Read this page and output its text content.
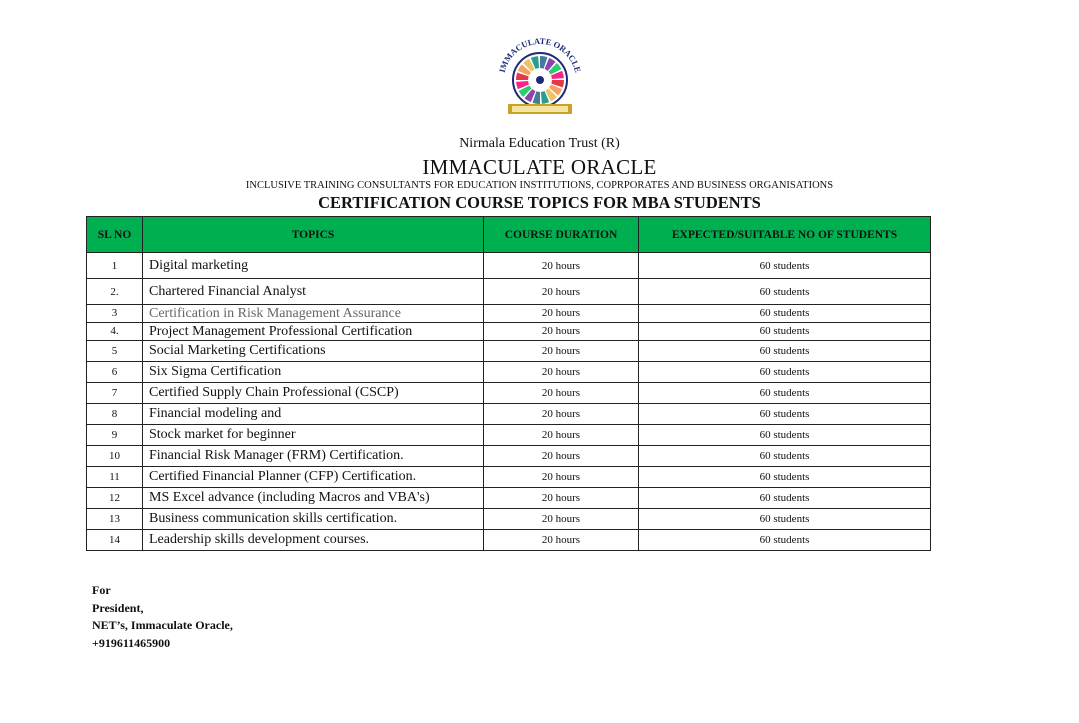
IMMACULATE ORACLE
Nirmala Education Trust (R)
IMMACULATE ORACLE
INCLUSIVE TRAINING CONSULTANTS FOR EDUCATION INSTITUTIONS, COPRPORATES AND BUSINESS ORGANISATIONS
CERTIFICATION COURSE TOPICS FOR MBA STUDENTS
SL NO	TOPICS	COURSE DURATION	EXPECTED/SUITABLE NO OF STUDENTS
1	Digital marketing	20 hours	60 students
2.	Chartered Financial Analyst	20 hours	60 students
3	Certification in Risk Management Assurance	20 hours	60 students
4.	Project Management Professional Certification	20 hours	60 students
5	Social Marketing Certifications	20 hours	60 students
6	Six Sigma Certification	20 hours	60 students
7	Certified Supply Chain Professional (CSCP)	20 hours	60 students
8	Financial modeling and	20 hours	60 students
9	Stock market for beginner	20 hours	60 students
10	Financial Risk Manager (FRM) Certification.	20 hours	60 students
11	Certified Financial Planner (CFP) Certification.	20 hours	60 students
12	MS Excel advance (including Macros and VBA's)	20 hours	60 students
13	Business communication skills certification.	20 hours	60 students
14	Leadership skills development courses.	20 hours	60 students
For
President,
NET’s, Immaculate Oracle,
+919611465900
